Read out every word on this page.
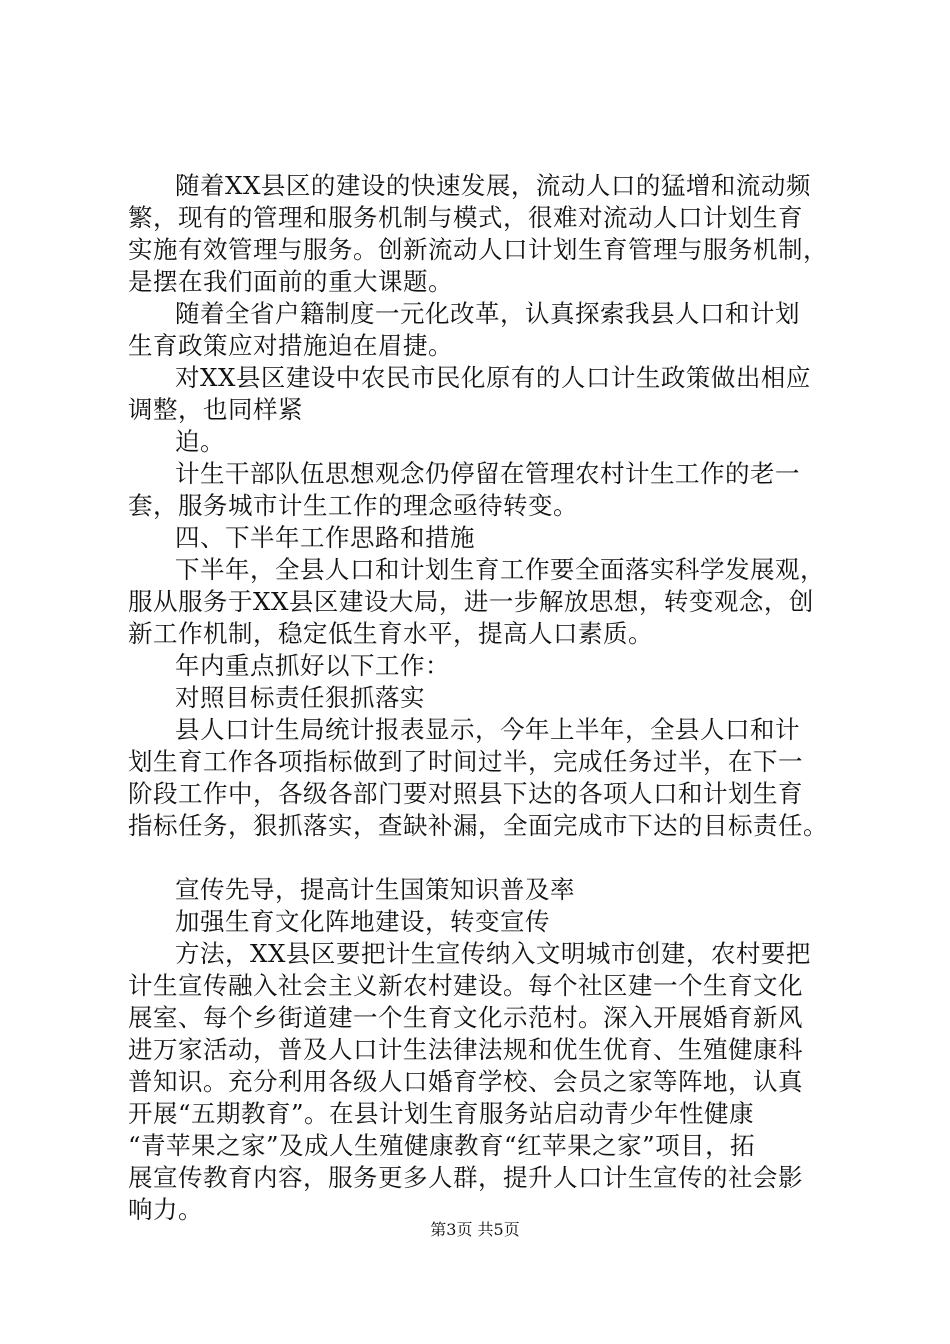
随着XX县区的建设的快速发展，流动人口的猛增和流动频
繁，现有的管理和服务机制与模式，很难对流动人口计划生育
实施有效管理与服务。创新流动人口计划生育管理与服务机制，
是摆在我们面前的重大课题。
随着全省户籍制度一元化改革，认真探索我县人口和计划
生育政策应对措施迫在眉捷。
对XX县区建设中农民市民化原有的人口计生政策做出相应
调整，也同样紧
迫。
计生干部队伍思想观念仍停留在管理农村计生工作的老一
套，服务城市计生工作的理念亟待转变。
四、下半年工作思路和措施
下半年，全县人口和计划生育工作要全面落实科学发展观，
服从服务于XX县区建设大局，进一步解放思想，转变观念，创
新工作机制，稳定低生育水平，提高人口素质。
年内重点抓好以下工作：
对照目标责任狠抓落实
县人口计生局统计报表显示，今年上半年，全县人口和计
划生育工作各项指标做到了时间过半，完成任务过半，在下一
阶段工作中，各级各部门要对照县下达的各项人口和计划生育
指标任务，狠抓落实，查缺补漏，全面完成市下达的目标责任。
宣传先导，提高计生国策知识普及率
加强生育文化阵地建设，转变宣传
方法，XX县区要把计生宣传纳入文明城市创建，农村要把
计生宣传融入社会主义新农村建设。每个社区建一个生育文化
展室、每个乡街道建一个生育文化示范村。深入开展婚育新风
进万家活动，普及人口计生法律法规和优生优育、生殖健康科
普知识。充分利用各级人口婚育学校、会员之家等阵地，认真
开展“五期教育”。在县计划生育服务站启动青少年性健康
“青苹果之家”及成人生殖健康教育“红苹果之家”项目，拓
展宣传教育内容，服务更多人群，提升人口计生宣传的社会影
响力。
第3页 共5页
